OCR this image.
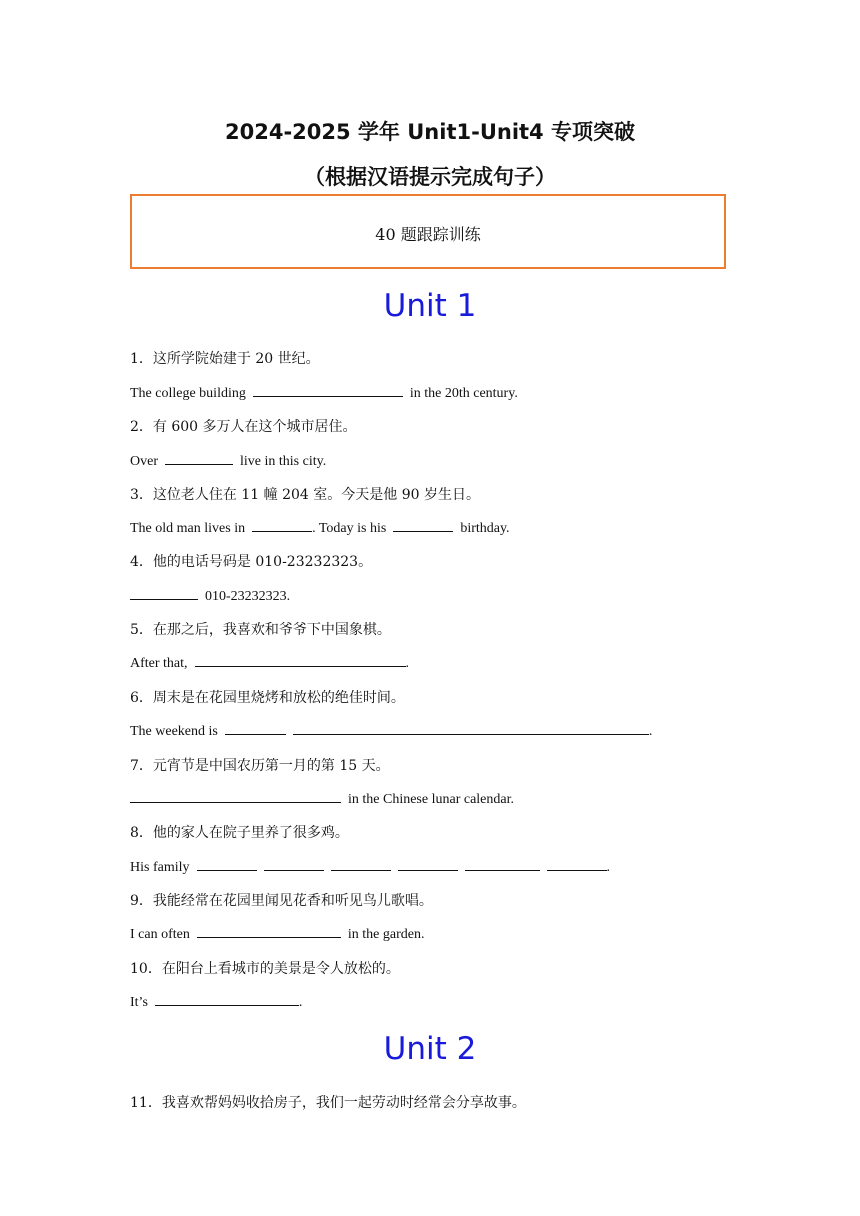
2024-2025 学年 Unit1-Unit4 专项突破
（根据汉语提示完成句子）
40 题跟踪训练
Unit 1
1．这所学院始建于 20 世纪。
The college building	in the 20th century.
2．有 600 多万人在这个城市居住。
Over	live in this city.
3．这位老人住在 11 幢 204 室。今天是他 90 岁生日。
The old man lives in	. Today is his	birthday.
4．他的电话号码是 010-23232323。
010-23232323.
5．在那之后，我喜欢和爷爷下中国象棋。
After that,	.
6．周末是在花园里烧烤和放松的绝佳时间。
The weekend is	.
7．元宵节是中国农历第一月的第 15 天。
in the Chinese lunar calendar.
8．他的家人在院子里养了很多鸡。
His family	.
9．我能经常在花园里闻见花香和听见鸟儿歌唱。
I can often	in the garden.
10．在阳台上看城市的美景是令人放松的。
It’s	.
Unit 2
11．我喜欢帮妈妈收拾房子，我们一起劳动时经常会分享故事。
